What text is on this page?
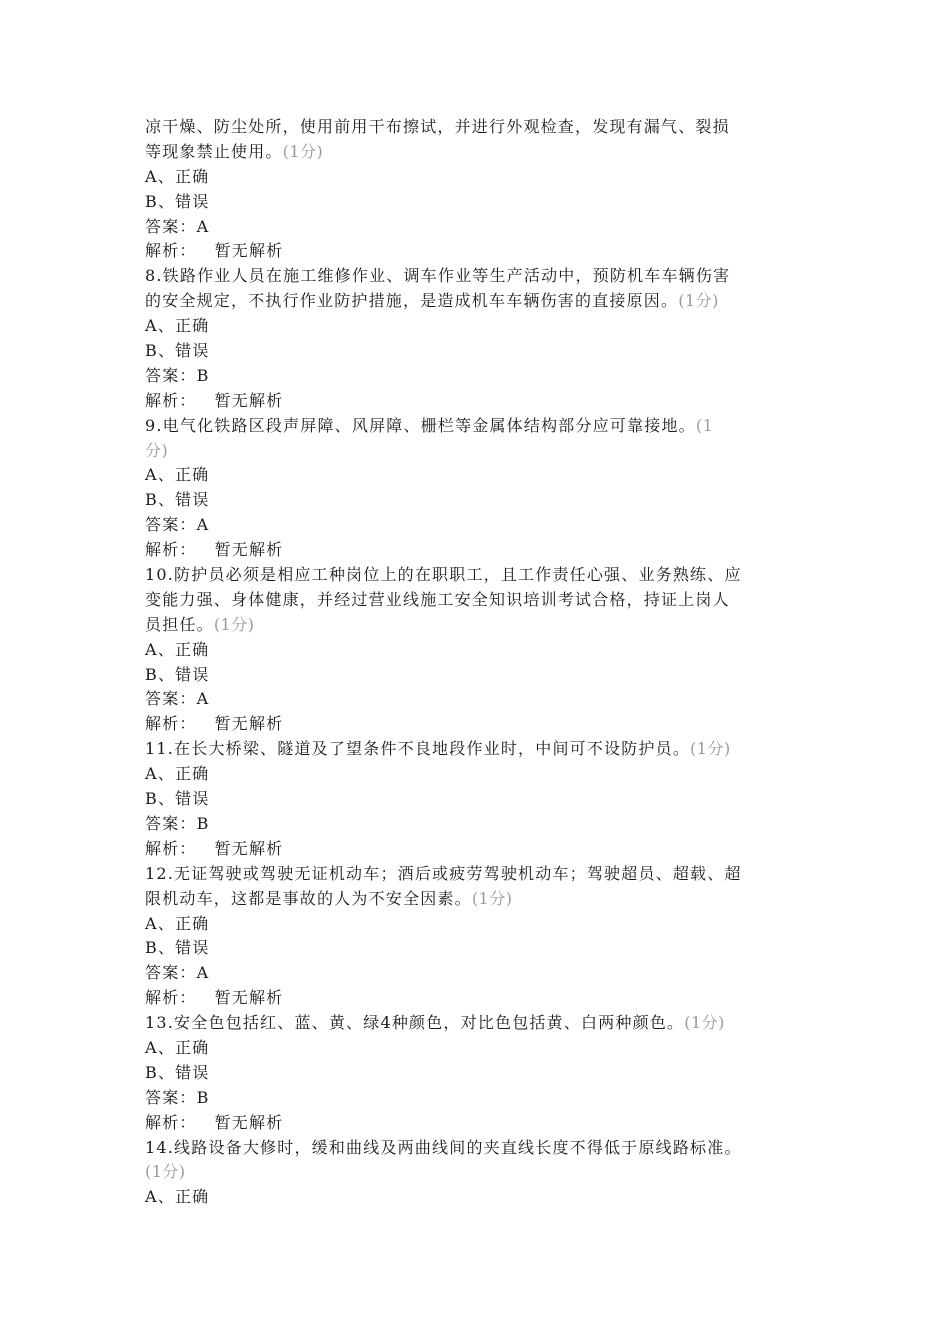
凉干燥、防尘处所，使用前用干布擦试，并进行外观检查，发现有漏气、裂损
等现象禁止使用。(1分)
A、正确
B、错误
答案：A
解析： 暂无解析
8.铁路作业人员在施工维修作业、调车作业等生产活动中，预防机车车辆伤害
的安全规定，不执行作业防护措施，是造成机车车辆伤害的直接原因。(1分)
A、正确
B、错误
答案：B
解析： 暂无解析
9.电气化铁路区段声屏障、风屏障、栅栏等金属体结构部分应可靠接地。(1
分)
A、正确
B、错误
答案：A
解析： 暂无解析
10.防护员必须是相应工种岗位上的在职职工，且工作责任心强、业务熟练、应
变能力强、身体健康，并经过营业线施工安全知识培训考试合格，持证上岗人
员担任。(1分)
A、正确
B、错误
答案：A
解析： 暂无解析
11.在长大桥梁、隧道及了望条件不良地段作业时，中间可不设防护员。(1分)
A、正确
B、错误
答案：B
解析： 暂无解析
12.无证驾驶或驾驶无证机动车；酒后或疲劳驾驶机动车；驾驶超员、超载、超
限机动车，这都是事故的人为不安全因素。(1分)
A、正确
B、错误
答案：A
解析： 暂无解析
13.安全色包括红、蓝、黄、绿4种颜色，对比色包括黄、白两种颜色。(1分)
A、正确
B、错误
答案：B
解析： 暂无解析
14.线路设备大修时，缓和曲线及两曲线间的夹直线长度不得低于原线路标准。
(1分)
A、正确
